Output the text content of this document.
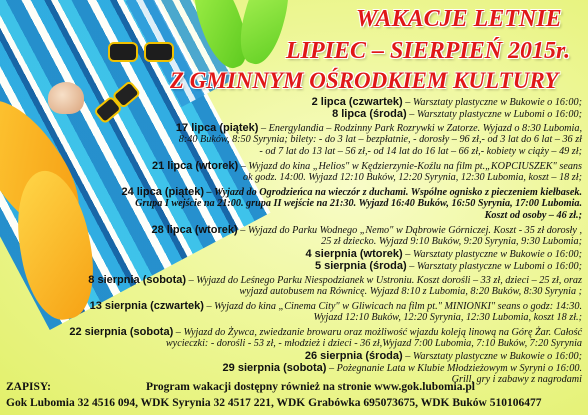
WAKACJE LETNIE
LIPIEC – SIERPIEŃ 2015r.
Z GMINNYM OŚRODKIEM KULTURY
2 lipca (czwartek) – Warsztaty plastyczne w Bukowie o 16:00;
8 lipca (środa) – Warsztaty plastyczne w Lubomi o 16:00;
17 lipca (piątek) – Energylandia – Rodzinny Park Rozrywki w Zatorze. Wyjazd o 8:30 Lubomia,
8:40 Buków, 8:50 Syrynia; bilety: - do 3 lat – bezpłatnie, - dorosły – 96 zł,- od 3 lat do 6 lat – 36 zł
- od 7 lat do 13 lat – 56 zł,- od 14 lat do 16 lat – 66 zł,- kobiety w ciąży – 49 zł;
21 lipca (wtorek) – Wyjazd do kina „Helios" w Kędzierzynie-Koźlu na film pt.„KOPCIUSZEK" seans
ok godz. 14:00. Wyjazd 12:10 Buków, 12:20 Syrynia, 12:30 Lubomia, koszt – 18 zł;
24 lipca (piątek) – Wyjazd do Ogrodzieńca na wieczór z duchami. Wspólne ognisko z pieczeniem kiełbasek.
Grupa I wejście na 21:00. grupa II wejście na 21:30. Wyjazd 16:40 Buków, 16:50 Syrynia, 17:00 Lubomia.
Koszt od osoby – 46 zł.;
28 lipca (wtorek) – Wyjazd do Parku Wodnego „Nemo" w Dąbrowie Górniczej. Koszt - 35 zł dorosły ,
25 zł dziecko. Wyjazd 9:10 Buków, 9:20 Syrynia, 9:30 Lubomia;
4 sierpnia (wtorek) – Warsztaty plastyczne w Bukowie o 16:00;
5 sierpnia (środa) – Warsztaty plastyczne w Lubomi o 16:00;
8 sierpnia (sobota) – Wyjazd do Leśnego Parku Niespodzianek w Ustroniu. Koszt dorośli – 33 zł, dzieci – 25 zł, oraz
wyjazd autobusem na Równicę. Wyjazd 8:10 z Lubomia, 8:20 Buków, 8:30 Syrynia ;
13 sierpnia (czwartek) – Wyjazd do kina „Cinema City" w Gliwicach na film pt." MINIONKI" seans o godz: 14:30.
Wyjazd 12:10 Buków, 12:20 Syrynia, 12:30 Lubomia, koszt 18 zł.;
22 sierpnia (sobota) – Wyjazd do Żywca, zwiedzanie browaru oraz możliwość wjazdu koleją linową na Górę Żar. Całość
wycieczki: - dorośli - 53 zł, - młodzież i dzieci - 36 zł,Wyjazd 7:00 Lubomia, 7:10 Buków, 7:20 Syrynia
26 sierpnia (środa) – Warsztaty plastyczne w Bukowie o 16:00;
29 sierpnia (sobota) – Pożegnanie Lata w Klubie Młodzieżowym w Syryni o 16:00.
Grill, gry i zabawy z nagrodami
ZAPISY:	Program wakacji dostępny również na stronie www.gok.lubomia.pl
Gok Lubomia 32 4516 094, WDK Syrynia 32 4517 221, WDK Grabówka 695073675, WDK Buków 510106477
